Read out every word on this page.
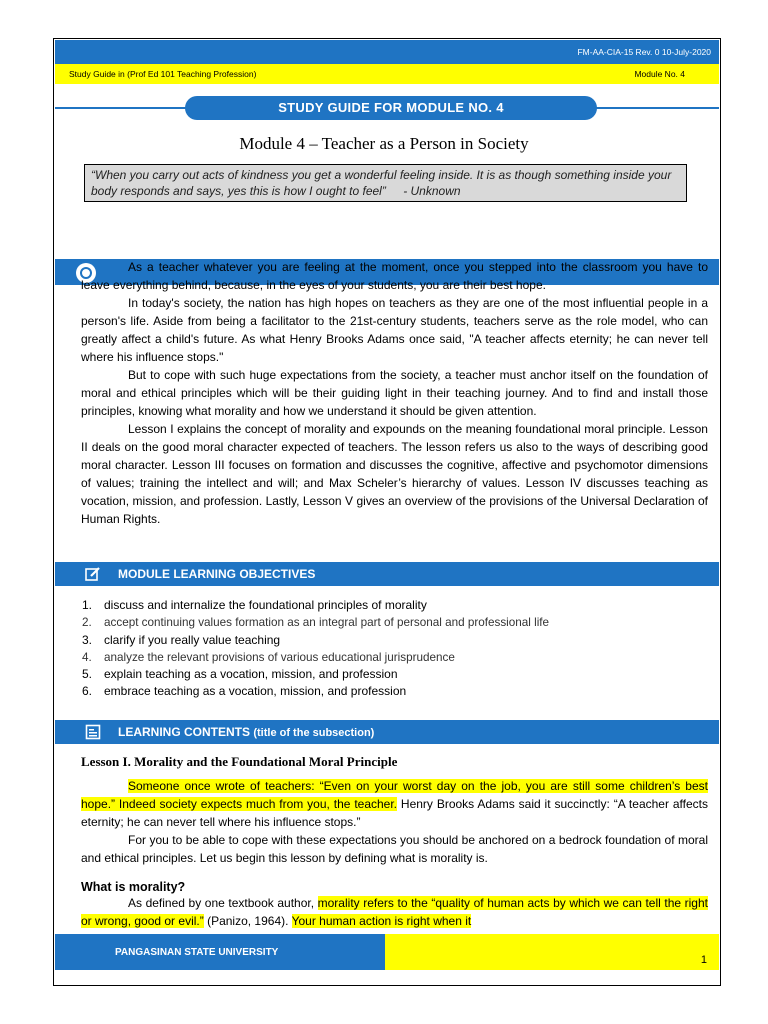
FM-AA-CIA-15 Rev. 0 10-July-2020
Study Guide in (Prof Ed 101 Teaching Profession)	Module No. 4
STUDY GUIDE FOR MODULE NO. 4
Module 4 – Teacher as a Person in Society
“When you carry out acts of kindness you get a wonderful feeling inside. It is as though something inside your body responds and says, yes this is how I ought to feel” - Unknown

As a teacher whatever you are feeling at the moment, once you stepped into the classroom you have to leave everything behind, because, in the eyes of your students, you are their best hope.

In today's society, the nation has high hopes on teachers as they are one of the most influential people in a person's life. Aside from being a facilitator to the 21st-century students, teachers serve as the role model, who can greatly affect a child's future. As what Henry Brooks Adams once said, "A teacher affects eternity; he can never tell where his influence stops."

But to cope with such huge expectations from the society, a teacher must anchor itself on the foundation of moral and ethical principles which will be their guiding light in their teaching journey. And to find and install those principles, knowing what morality and how we understand it should be given attention.

Lesson I explains the concept of morality and expounds on the meaning foundational moral principle. Lesson II deals on the good moral character expected of teachers. The lesson refers us also to the ways of describing good moral character. Lesson III focuses on formation and discusses the cognitive, affective and psychomotor dimensions of values; training the intellect and will; and Max Scheler’s hierarchy of values. Lesson IV discusses teaching as vocation, mission, and profession. Lastly, Lesson V gives an overview of the provisions of the Universal Declaration of Human Rights.

MODULE LEARNING OBJECTIVES
1. discuss and internalize the foundational principles of morality
2. accept continuing values formation as an integral part of personal and professional life
3. clarify if you really value teaching
4. analyze the relevant provisions of various educational jurisprudence
5. explain teaching as a vocation, mission, and profession
6. embrace teaching as a vocation, mission, and profession
LEARNING CONTENTS (title of the subsection)
Lesson I. Morality and the Foundational Moral Principle

Someone once wrote of teachers: “Even on your worst day on the job, you are still some children’s best hope.” Indeed society expects much from you, the teacher. Henry Brooks Adams said it succinctly: “A teacher affects eternity; he can never tell where his influence stops.”

For you to be able to cope with these expectations you should be anchored on a bedrock foundation of moral and ethical principles. Let us begin this lesson by defining what is morality is.

What is morality?

As defined by one textbook author, morality refers to the “quality of human acts by which we can tell the right or wrong, good or evil.” (Panizo, 1964). Your human action is right when it

PANGASINAN STATE UNIVERSITY
1
